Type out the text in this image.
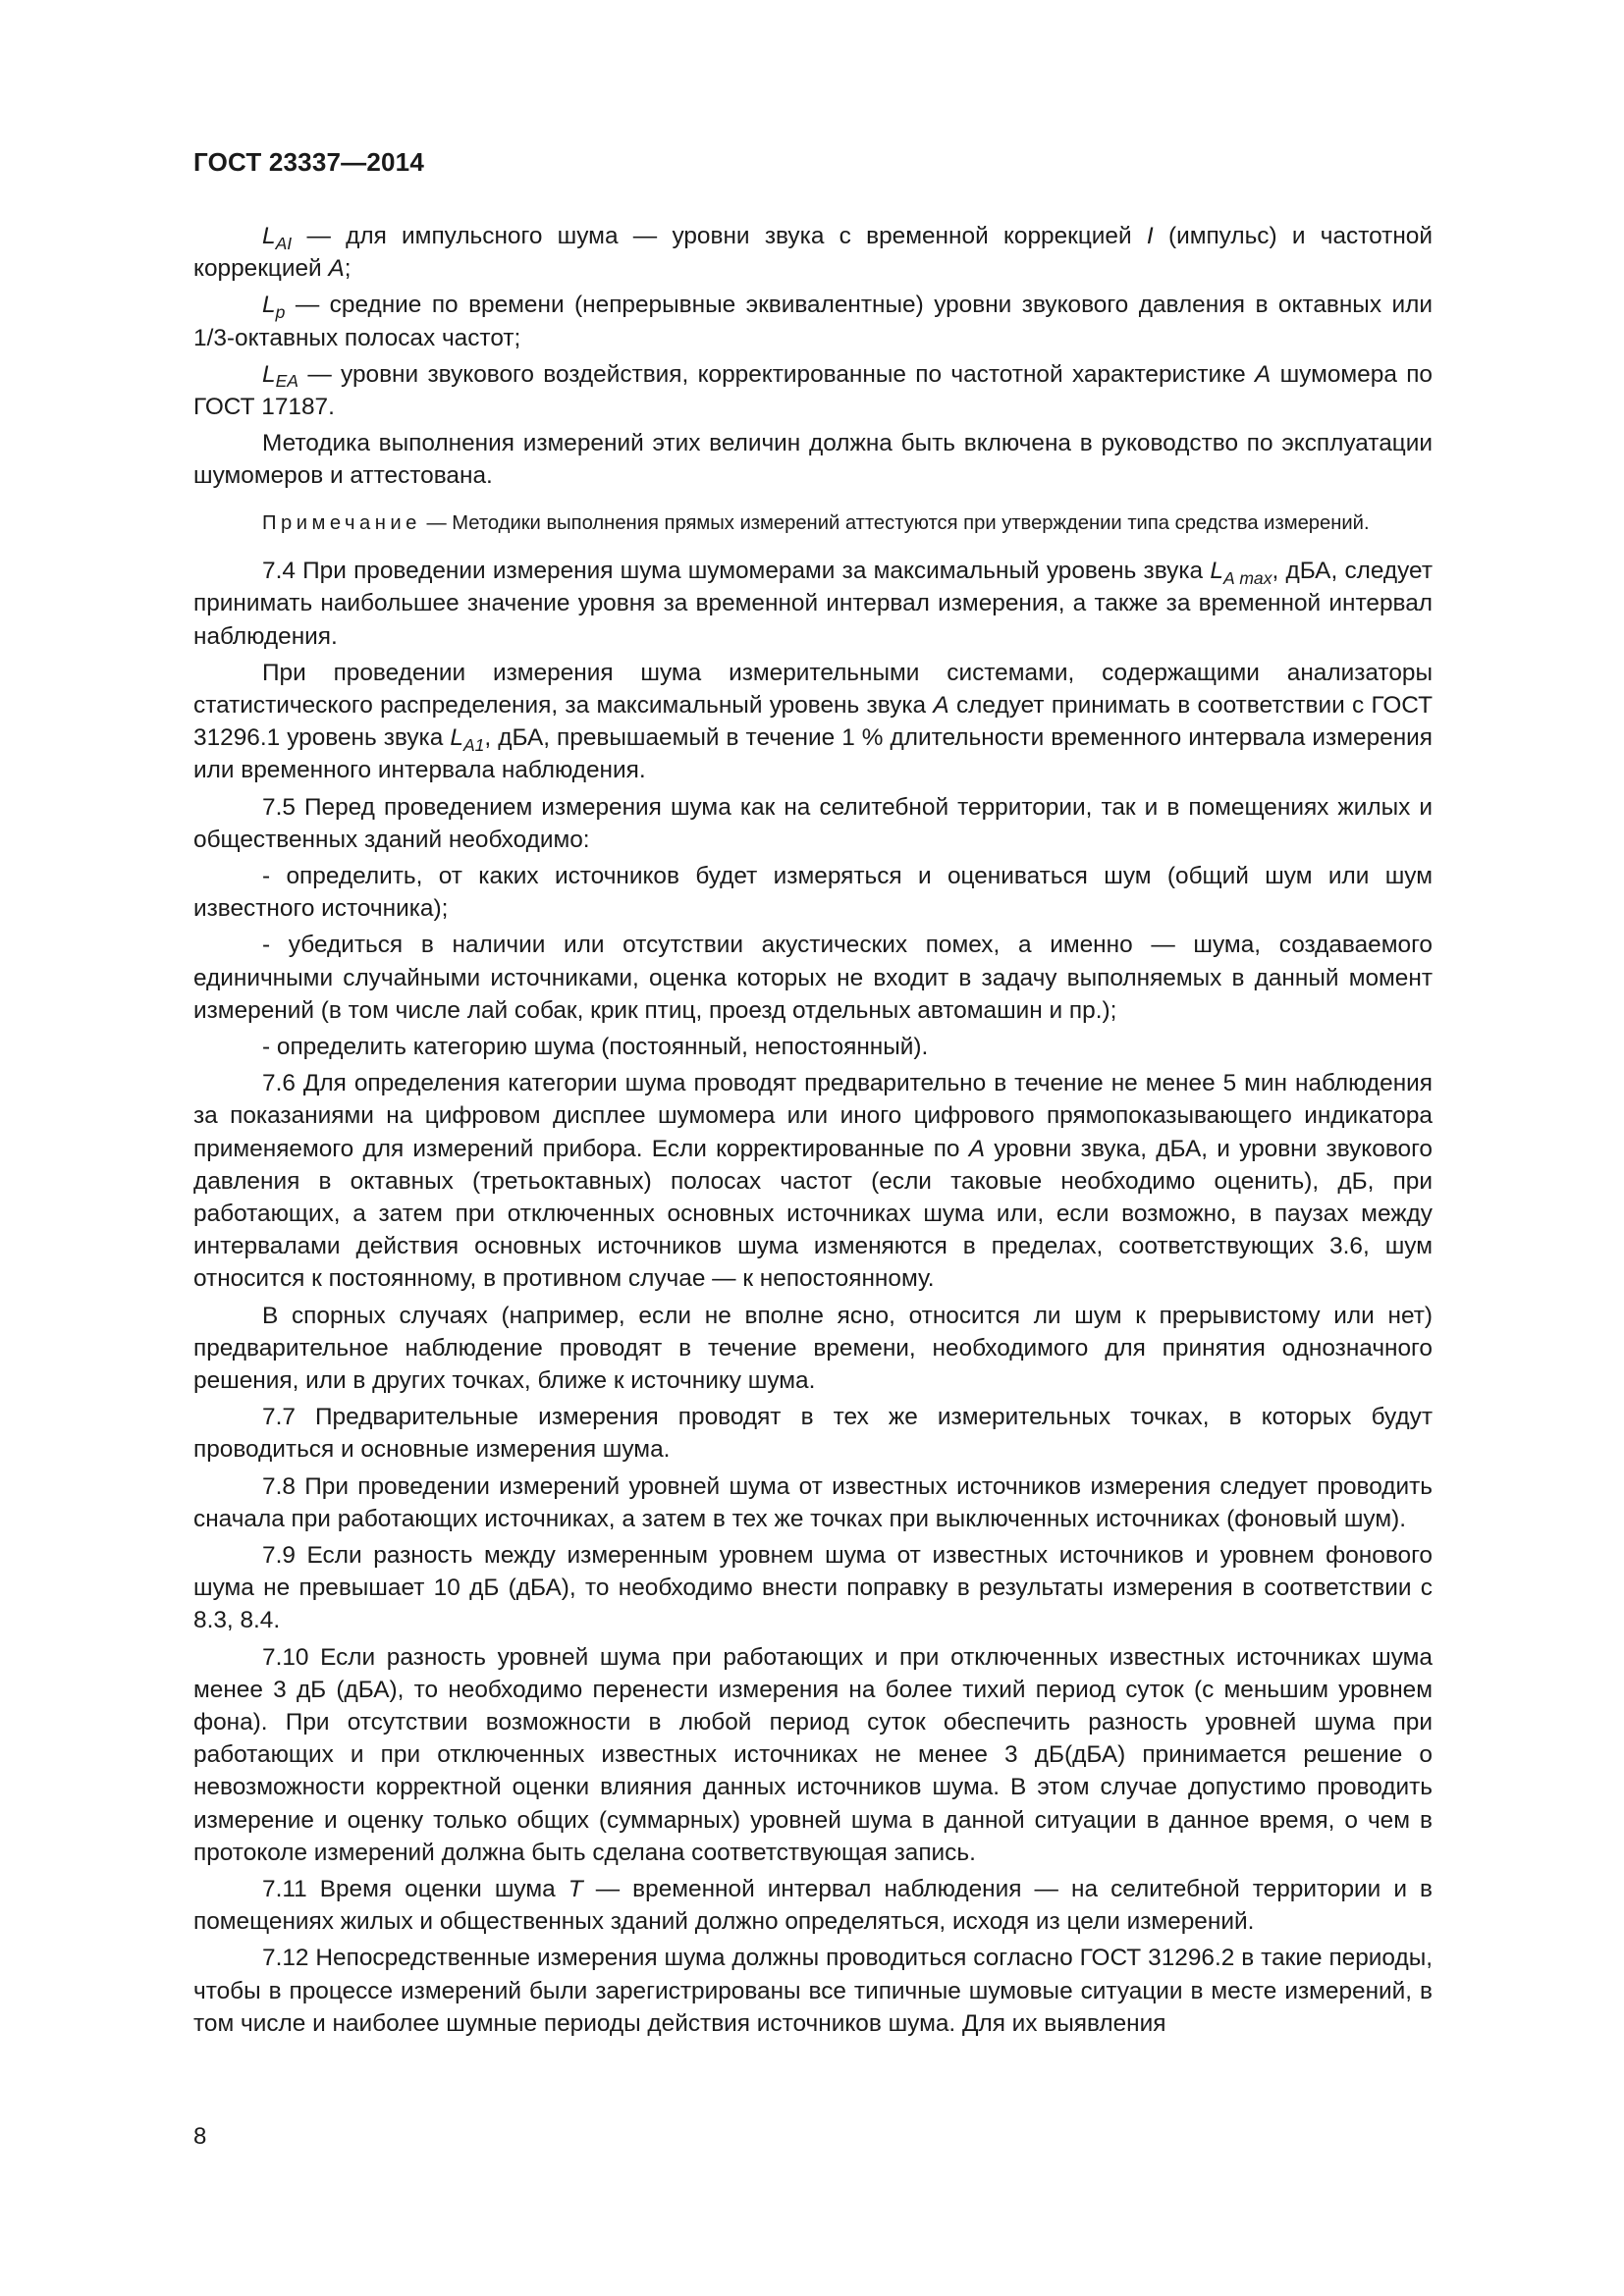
ГОСТ 23337—2014

$L_{AI}$ — для импульсного шума — уровни звука с временной коррекцией I (импульс) и частотной коррекцией А;

$L_p$ — средние по времени (непрерывные эквивалентные) уровни звукового давления в октавных или 1/3-октавных полосах частот;

$L_{EA}$ — уровни звукового воздействия, корректированные по частотной характеристике А шумомера по ГОСТ 17187.

Методика выполнения измерений этих величин должна быть включена в руководство по эксплуатации шумомеров и аттестована.

Примечание — Методики выполнения прямых измерений аттестуются при утверждении типа средства измерений.

7.4 При проведении измерения шума шумомерами за максимальный уровень звука $L_{A max}$, дБА, следует принимать наибольшее значение уровня за временной интервал измерения, а также за временной интервал наблюдения.

При проведении измерения шума измерительными системами, содержащими анализаторы статистического распределения, за максимальный уровень звука А следует принимать в соответствии с ГОСТ 31296.1 уровень звука $L_{A1}$, дБА, превышаемый в течение 1 % длительности временного интервала измерения или временного интервала наблюдения.

7.5 Перед проведением измерения шума как на селитебной территории, так и в помещениях жилых и общественных зданий необходимо:

- определить, от каких источников будет измеряться и оцениваться шум (общий шум или шум известного источника);

- убедиться в наличии или отсутствии акустических помех, а именно — шума, создаваемого единичными случайными источниками, оценка которых не входит в задачу выполняемых в данный момент измерений (в том числе лай собак, крик птиц, проезд отдельных автомашин и пр.);

- определить категорию шума (постоянный, непостоянный).

7.6 Для определения категории шума проводят предварительно в течение не менее 5 мин наблюдения за показаниями на цифровом дисплее шумомера или иного цифрового прямопоказывающего индикатора применяемого для измерений прибора. Если корректированные по А уровни звука, дБА, и уровни звукового давления в октавных (третьоктавных) полосах частот (если таковые необходимо оценить), дБ, при работающих, а затем при отключенных основных источниках шума или, если возможно, в паузах между интервалами действия основных источников шума изменяются в пределах, соответствующих 3.6, шум относится к постоянному, в противном случае — к непостоянному.

В спорных случаях (например, если не вполне ясно, относится ли шум к прерывистому или нет) предварительное наблюдение проводят в течение времени, необходимого для принятия однозначного решения, или в других точках, ближе к источнику шума.

7.7 Предварительные измерения проводят в тех же измерительных точках, в которых будут проводиться и основные измерения шума.

7.8 При проведении измерений уровней шума от известных источников измерения следует проводить сначала при работающих источниках, а затем в тех же точках при выключенных источниках (фоновый шум).

7.9 Если разность между измеренным уровнем шума от известных источников и уровнем фонового шума не превышает 10 дБ (дБА), то необходимо внести поправку в результаты измерения в соответствии с 8.3, 8.4.

7.10 Если разность уровней шума при работающих и при отключенных известных источниках шума менее 3 дБ (дБА), то необходимо перенести измерения на более тихий период суток (с меньшим уровнем фона). При отсутствии возможности в любой период суток обеспечить разность уровней шума при работающих и при отключенных известных источниках не менее 3 дБ(дБА) принимается решение о невозможности корректной оценки влияния данных источников шума. В этом случае допустимо проводить измерение и оценку только общих (суммарных) уровней шума в данной ситуации в данное время, о чем в протоколе измерений должна быть сделана соответствующая запись.

7.11 Время оценки шума T — временной интервал наблюдения — на селитебной территории и в помещениях жилых и общественных зданий должно определяться, исходя из цели измерений.

7.12 Непосредственные измерения шума должны проводиться согласно ГОСТ 31296.2 в такие периоды, чтобы в процессе измерений были зарегистрированы все типичные шумовые ситуации в месте измерений, в том числе и наиболее шумные периоды действия источников шума. Для их выявления

8
